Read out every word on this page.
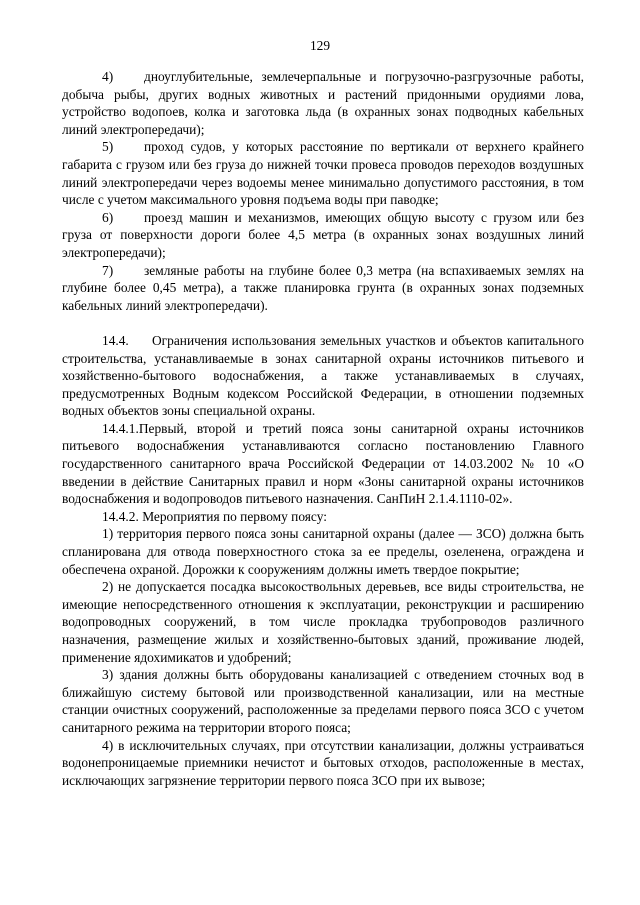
129

4) дноуглубительные, землечерпальные и погрузочно-разгрузочные работы, добыча рыбы, других водных животных и растений придонными орудиями лова, устройство водопоев, колка и заготовка льда (в охранных зонах подводных кабельных линий электропередачи);

5) проход судов, у которых расстояние по вертикали от верхнего крайнего габарита с грузом или без груза до нижней точки провеса проводов переходов воздушных линий электропередачи через водоемы менее минимально допустимого расстояния, в том числе с учетом максимального уровня подъема воды при паводке;

6) проезд машин и механизмов, имеющих общую высоту с грузом или без груза от поверхности дороги более 4,5 метра (в охранных зонах воздушных линий электропередачи);

7) земляные работы на глубине более 0,3 метра (на вспахиваемых землях на глубине более 0,45 метра), а также планировка грунта (в охранных зонах подземных кабельных линий электропередачи).

14.4. Ограничения использования земельных участков и объектов капитального строительства, устанавливаемые в зонах санитарной охраны источников питьевого и хозяйственно-бытового водоснабжения, а также устанавливаемых в случаях, предусмотренных Водным кодексом Российской Федерации, в отношении подземных водных объектов зоны специальной охраны.

14.4.1.Первый, второй и третий пояса зоны санитарной охраны источников питьевого водоснабжения устанавливаются согласно постановлению Главного государственного санитарного врача Российской Федерации от 14.03.2002 № 10 «О введении в действие Санитарных правил и норм «Зоны санитарной охраны источников водоснабжения и водопроводов питьевого назначения. СанПиН 2.1.4.1110-02».

14.4.2. Мероприятия по первому поясу:

1) территория первого пояса зоны санитарной охраны (далее — ЗСО) должна быть спланирована для отвода поверхностного стока за ее пределы, озеленена, ограждена и обеспечена охраной. Дорожки к сооружениям должны иметь твердое покрытие;

2) не допускается посадка высокоствольных деревьев, все виды строительства, не имеющие непосредственного отношения к эксплуатации, реконструкции и расширению водопроводных сооружений, в том числе прокладка трубопроводов различного назначения, размещение жилых и хозяйственно-бытовых зданий, проживание людей, применение ядохимикатов и удобрений;

3) здания должны быть оборудованы канализацией с отведением сточных вод в ближайшую систему бытовой или производственной канализации, или на местные станции очистных сооружений, расположенные за пределами первого пояса ЗСО с учетом санитарного режима на территории второго пояса;

4) в исключительных случаях, при отсутствии канализации, должны устраиваться водонепроницаемые приемники нечистот и бытовых отходов, расположенные в местах, исключающих загрязнение территории первого пояса ЗСО при их вывозе;
